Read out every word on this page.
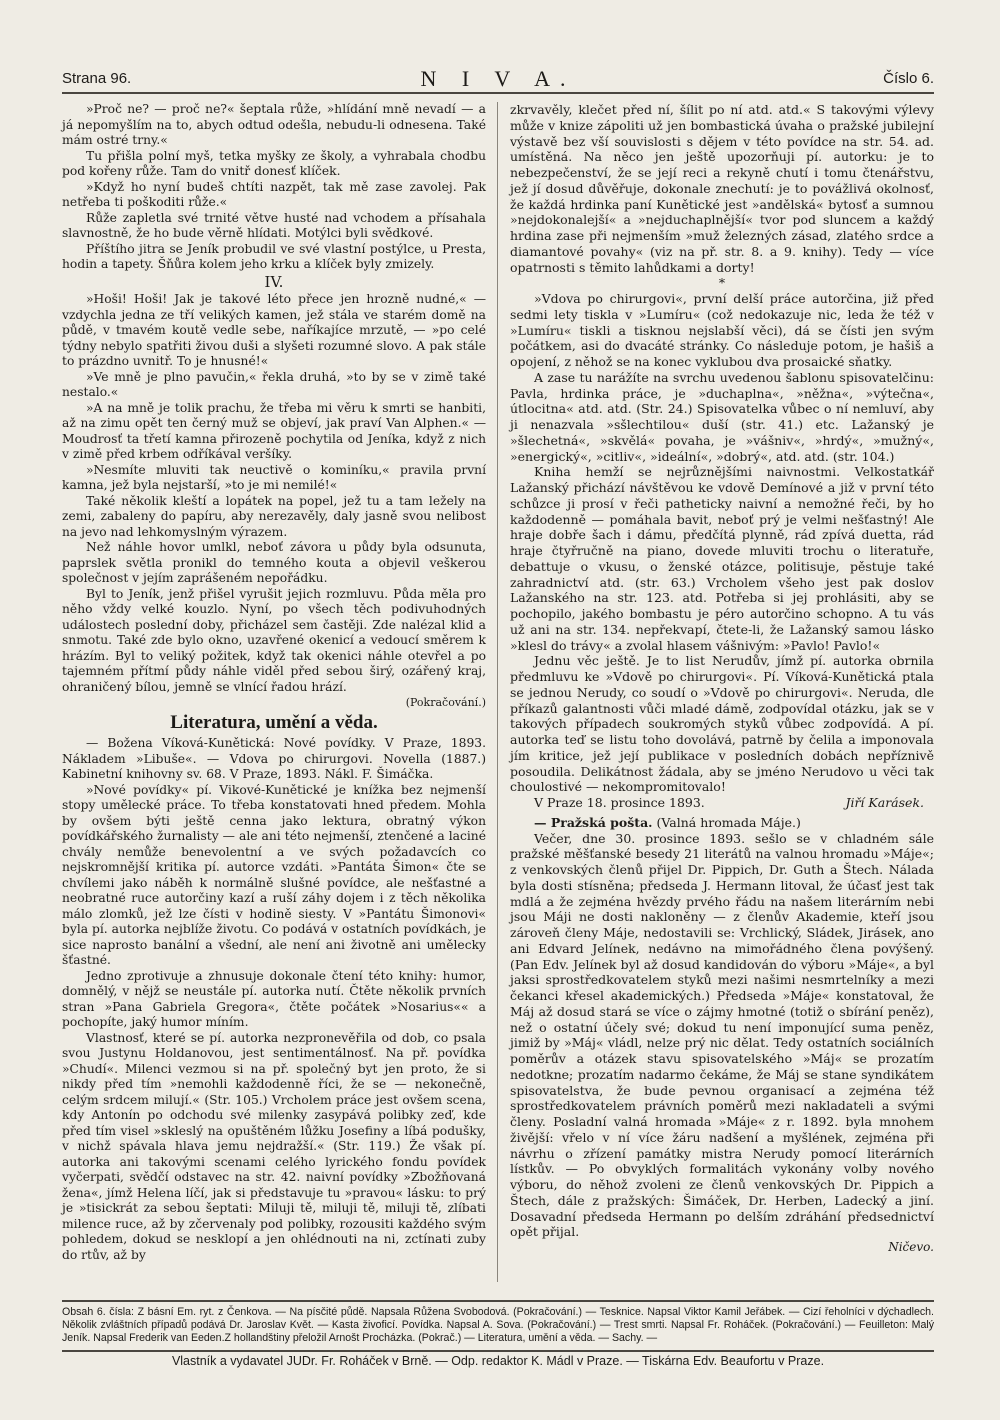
Strana 96.	N I V A.	Číslo 6.

»Proč ne? — proč ne?« šeptala růže, »hlídání mně nevadí — a já nepomyšlím na to, abych odtud odešla, nebudu-li odnesena. Také mám ostré trny.«

Tu přišla polní myš, tetka myšky ze školy, a vyhrabala chodbu pod kořeny růže. Tam do vnitř donesť klíček.

»Když ho nyní budeš chtíti nazpět, tak mě zase zavolej. Pak netřeba ti poškoditi růže.«

Růže zapletla své trnité větve husté nad vchodem a přísahala slavnostně, že ho bude věrně hlídati. Motýlci byli svědkové.

Příštího jitra se Jeník probudil ve své vlastní postýlce, u Presta, hodin a tapety. Šňůra kolem jeho krku a klíček byly zmizely.

IV.

»Hoši! Hoši! Jak je takové léto přece jen hrozně nudné,« — vzdychla jedna ze tří velikých kamen, jež stála ve starém domě na půdě, v tmavém koutě vedle sebe, naříkajíce mrzutě, — »po celé týdny nebylo spatřiti živou duši a slyšeti rozumné slovo. A pak stále to prázdno uvnitř. To je hnusné!«

»Ve mně je plno pavučin,« řekla druhá, »to by se v zimě také nestalo.«

»A na mně je tolik prachu, že třeba mi věru k smrti se hanbiti, až na zimu opět ten černý muž se objeví, jak praví Van Alphen.« — Moudrosť ta třetí kamna přirozeně pochytila od Jeníka, když z nich v zimě před krbem odříkával veršíky.

»Nesmíte mluviti tak neuctivě o kominíku,« pravila první kamna, jež byla nejstarší, »to je mi nemilé!«

Také několik kleští a lopátek na popel, jež tu a tam ležely na zemi, zabaleny do papíru, aby nerezavěly, daly jasně svou nelibost na jevo nad lehkomyslným výrazem.

Než náhle hovor umlkl, neboť závora u půdy byla odsunuta, paprslek světla pronikl do temného kouta a objevil veškerou společnost v jejím zaprášeném nepořádku.

Byl to Jeník, jenž přišel vyrušit jejich rozmluvu. Půda měla pro něho vždy velké kouzlo. Nyní, po všech těch podivuhodných událostech poslední doby, přicházel sem častěji. Zde nalézal klid a snmotu. Také zde bylo okno, uzavřené okenicí a vedoucí směrem k hrázím. Byl to veliký požitek, když tak okenici náhle otevřel a po tajemném přítmí půdy náhle viděl před sebou širý, ozářený kraj, ohraničený bílou, jemně se vlnící řadou hrází.

(Pokračování.)

Literatura, umění a věda.

— Božena Víková-Kunětická: Nové povídky. V Praze, 1893. Nákladem »Libuše«. — Vdova po chirurgovi. Novella (1887.) Kabinetní knihovny sv. 68. V Praze, 1893. Nákl. F. Šimáčka.

»Nové povídky« pí. Vikové-Kunětické je knížka bez nejmenší stopy umělecké práce. To třeba konstatovati hned předem. Mohla by ovšem býti ještě cenna jako lektura, obratný výkon povídkářského žurnalisty — ale ani této nejmenší, ztenčené a laciné chvály nemůže benevolentní a ve svých požadavcích co nejskromnější kritika pí. autorce vzdáti. »Pantáta Šimon« čte se chvílemi jako náběh k normálně slušné povídce, ale nešťastné a neobratné ruce autorčiny kazí a ruší záhy dojem i z těch několika málo zlomků, jež lze čísti v hodině siesty. V »Pantátu Šimonovi« byla pí. autorka nejblíže životu. Co podává v ostatních povídkách, je sice naprosto banální a všední, ale není ani životně ani umělecky šťastné.

Jedno zprotivuje a zhnusuje dokonale čtení této knihy: humor, domnělý, v nějž se neustále pí. autorka nutí. Čtěte několik prvních stran »Pana Gabriela Gregora«, čtěte počátek »Nosarius«« a pochopíte, jaký humor míním.

Vlastnosť, které se pí. autorka nezpronevěřila od dob, co psala svou Justynu Holdanovou, jest sentimentálnosť. Na př. povídka »Chudí«. Milenci vezmou si na př. společný byt jen proto, že si nikdy před tím »nemohli každodenně říci, že se — nekonečně, celým srdcem milují.« (Str. 105.) Vrcholem práce jest ovšem scena, kdy Antonín po odchodu své milenky zasypává polibky zeď, kde před tím visel »skleslý na opuštěném lůžku Josefiny a líbá podušky, v nichž spávala hlava jemu nejdražší.« (Str. 119.) Že však pí. autorka ani takovými scenami celého lyrického fondu povídek vyčerpati, svědčí odstavec na str. 42. naivní povídky »Zbožňovaná žena«, jímž Helena líčí, jak si představuje tu »pravou« lásku: to prý je »tisickrát za sebou šeptati: Miluji tě, miluji tě, miluji tě, zlíbati milence ruce, až by zčervenaly pod polibky, rozousiti každého svým pohledem, dokud se nesklopí a jen ohlédnouti na ni, zctínati zuby do rtův, až by

zkrvavěly, klečet před ní, šílit po ní atd. atd.« S takovými výlevy může v knize zápoliti už jen bombastická úvaha o pražské jubilejní výstavě bez vší souvislosti s dějem v této povídce na str. 54. ad. umístěná. Na něco jen ještě upozorňuji pí. autorku: je to nebezpečenství, že se její reci a rekyně chutí i tomu čtenářstvu, jež jí dosud důvěřuje, dokonale znechutí: je to povážlivá okolnosť, že každá hrdinka paní Kunětické jest »andělská« bytosť a sumnou »nejdokonalejší« a »nejduchaplnější« tvor pod sluncem a každý hrdina zase při nejmenším »muž železných zásad, zlatého srdce a diamantové povahy« (viz na př. str. 8. a 9. knihy). Tedy — více opatrnosti s těmito lahůdkami a dorty!

*

»Vdova po chirurgovi«, první delší práce autorčina, již před sedmi lety tiskla v »Lumíru« (což nedokazuje nic, leda že též v »Lumíru« tiskli a tisknou nejslabší věci), dá se čísti jen svým počátkem, asi do dvacáté stránky. Co následuje potom, je hašiš a opojení, z něhož se na konec vyklubou dva prosaické sňatky.

A zase tu narážíte na svrchu uvedenou šablonu spisovatelčinu: Pavla, hrdinka práce, je »duchaplna«, »něžna«, »výtečna«, útlocitna« atd. atd. (Str. 24.) Spisovatelka vůbec o ní nemluví, aby ji nenazvala »sšlechtilou« duší (str. 41.) etc. Lažanský je »šlechetná«, »skvělá« povaha, je »vášniv«, »hrdý«, »mužný«, »energický«, »citliv«, »ideální«, »dobrý«, atd. atd. (str. 104.)

Kniha hemží se nejrůznějšími naivnostmi. Velkostatkář Lažanský přichází návštěvou ke vdově Demínové a již v první této schůzce ji prosí v řeči patheticky naivní a nemožné řeči, by ho každodenně — pomáhala bavit, neboť prý je velmi nešťastný! Ale hraje dobře šach i dámu, předčítá plynně, rád zpívá duetta, rád hraje čtyřručně na piano, dovede mluviti trochu o literatuře, debattuje o vkusu, o ženské otázce, politisuje, pěstuje také zahradnictví atd. (str. 63.) Vrcholem všeho jest pak doslov Lažanského na str. 123. atd. Potřeba si jej prohlásiti, aby se pochopilo, jakého bombastu je péro autorčino schopno. A tu vás už ani na str. 134. nepřekvapí, čtete-li, že Lažanský samou lásko »klesl do trávy« a zvolal hlasem vášnivým: »Pavlo! Pavlo!«

Jednu věc ještě. Je to list Nerudův, jímž pí. autorka obrnila předmluvu ke »Vdově po chirurgovi«. Pí. Víková-Kunětická ptala se jednou Nerudy, co soudí o »Vdově po chirurgovi«. Neruda, dle příkazů galantnosti vůči mladé dámě, zodpovídal otázku, jak se v takových případech soukromých styků vůbec zodpovídá. A pí. autorka teď se listu toho dovolává, patrně by čelila a imponovala jím kritice, jež její publikace v posledních dobách nepříznivě posoudila. Delikátnost žádala, aby se jméno Nerudovo u věci tak choulostivé — nekompromitovalo!

V Praze 18. prosince 1893.	Jiří Karásek.

— Pražská pošta. (Valná hromada Máje.)

Večer, dne 30. prosince 1893. sešlo se v chladném sále pražské měšťanské besedy 21 literátů na valnou hromadu »Máje«; z venkovských členů přijel Dr. Pippich, Dr. Guth a Štech. Nálada byla dosti stísněna; předseda J. Hermann litoval, že účasť jest tak mdlá a že zejména hvězdy prvého řádu na našem literárním nebi jsou Máji ne dosti nakloněny — z členův Akademie, kteří jsou zároveň členy Máje, nedostavili se: Vrchlický, Sládek, Jirásek, ano ani Edvard Jelínek, nedávno na mimořádného člena povýšený. (Pan Edv. Jelínek byl až dosud kandidován do výboru »Máje«, a byl jaksi sprostředkovatelem styků mezi našimi nesmrtelníky a mezi čekanci křesel akademických.) Předseda »Máje« konstatoval, že Máj až dosud stará se více o zájmy hmotné (totiž o sbírání peněz), než o ostatní účely své; dokud tu není imponující suma peněz, jimiž by »Máj« vládl, nelze prý nic dělat. Tedy ostatních sociálních poměrův a otázek stavu spisovatelského »Máj« se prozatím nedotkne; prozatím nadarmo čekáme, že Máj se stane syndikátem spisovatelstva, že bude pevnou organisací a zejména též sprostředkovatelem právních poměrů mezi nakladateli a svými členy. Posladní valná hromada »Máje« z r. 1892. byla mnohem živější: vřelo v ní více žáru nadšení a myšlének, zejména při návrhu o zřízení památky mistra Nerudy pomocí literárních lístkův. — Po obvyklých formalitách vykonány volby nového výboru, do něhož zvoleni ze členů venkovských Dr. Pippich a Štech, dále z pražských: Šimáček, Dr. Herben, Ladecký a jiní. Dosavadní předseda Hermann po delším zdráhání předsednictví opět přijal.

Ničevo.

Obsah 6. čísla: Z básní Em. ryt. z Čenkova. — Na písčité půdě. Napsala Růžena Svobodová. (Pokračování.) — Tesknice. Napsal Viktor Kamil Jeřábek. — Cizí řeholníci v dýchadlech. Několik zvláštních případů podává Dr. Jaroslav Květ. — Kasta živoficí. Povídka. Napsal A. Sova. (Pokračování.) — Trest smrti. Napsal Fr. Roháček. (Pokračování.) — Feuilleton: Malý Jeník. Napsal Frederik van Eeden.Z hollandštiny přeložil Arnošt Procházka. (Pokrač.) — Literatura, umění a věda. — Sachy. —
Vlastník a vydavatel JUDr. Fr. Roháček v Brně. — Odp. redaktor K. Mádl v Praze. — Tiskárna Edv. Beaufortu v Praze.
